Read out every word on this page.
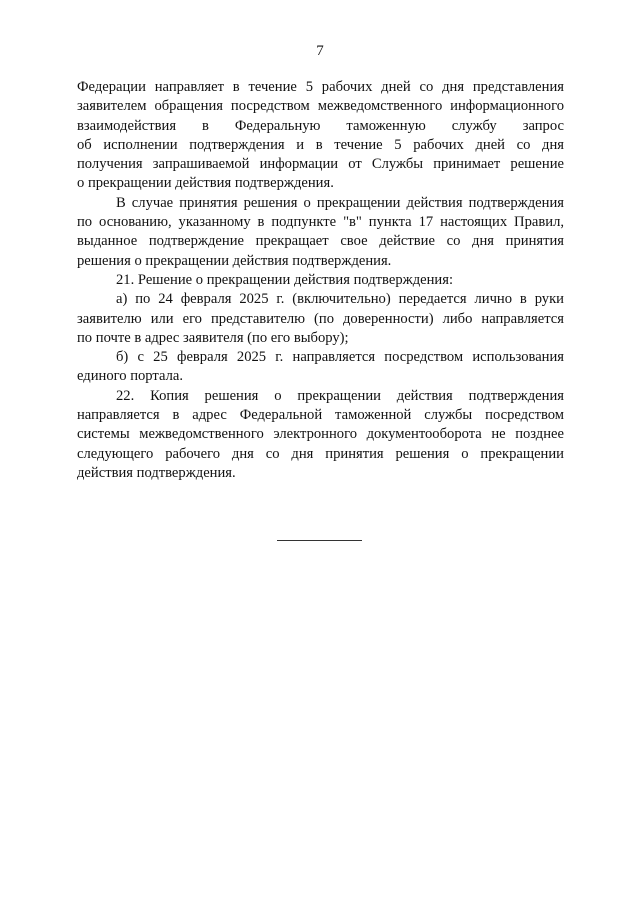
7
Федерации направляет в течение 5 рабочих дней со дня представления
заявителем обращения посредством межведомственного информационного
взаимодействия в Федеральную таможенную службу запрос
об исполнении подтверждения и в течение 5 рабочих дней со дня
получения запрашиваемой информации от Службы принимает решение
о прекращении действия подтверждения.
В случае принятия решения о прекращении действия подтверждения
по основанию, указанному в подпункте "в" пункта 17 настоящих Правил,
выданное подтверждение прекращает свое действие со дня принятия
решения о прекращении действия подтверждения.
21. Решение о прекращении действия подтверждения:
а) по 24 февраля 2025 г. (включительно) передается лично в руки
заявителю или его представителю (по доверенности) либо направляется
по почте в адрес заявителя (по его выбору);
б) с 25 февраля 2025 г. направляется посредством использования
единого портала.
22. Копия решения о прекращении действия подтверждения
направляется в адрес Федеральной таможенной службы посредством
системы межведомственного электронного документооборота не позднее
следующего рабочего дня со дня принятия решения о прекращении
действия подтверждения.
